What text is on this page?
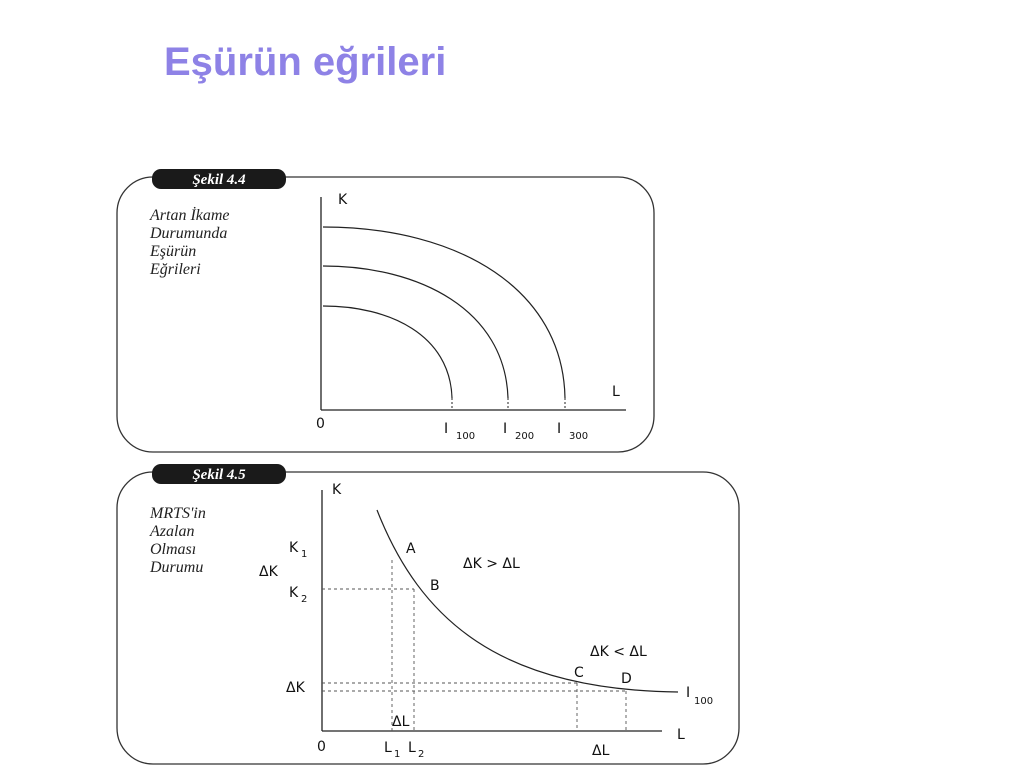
Eşürün eğrileri
Şekil 4.4
Artan İkame
Durumunda
Eşürün
Eğrileri
K
L
0	I 100 I 200 I 300
Şekil 4.5
MRTS'in
Azalan
Olması
Durumu
K
L
0
K 1
ΔK
K 2
ΔK
L 1 L 2
ΔL
ΔL
A
B
C	D
ΔK > ΔL
ΔK < ΔL
I
100
